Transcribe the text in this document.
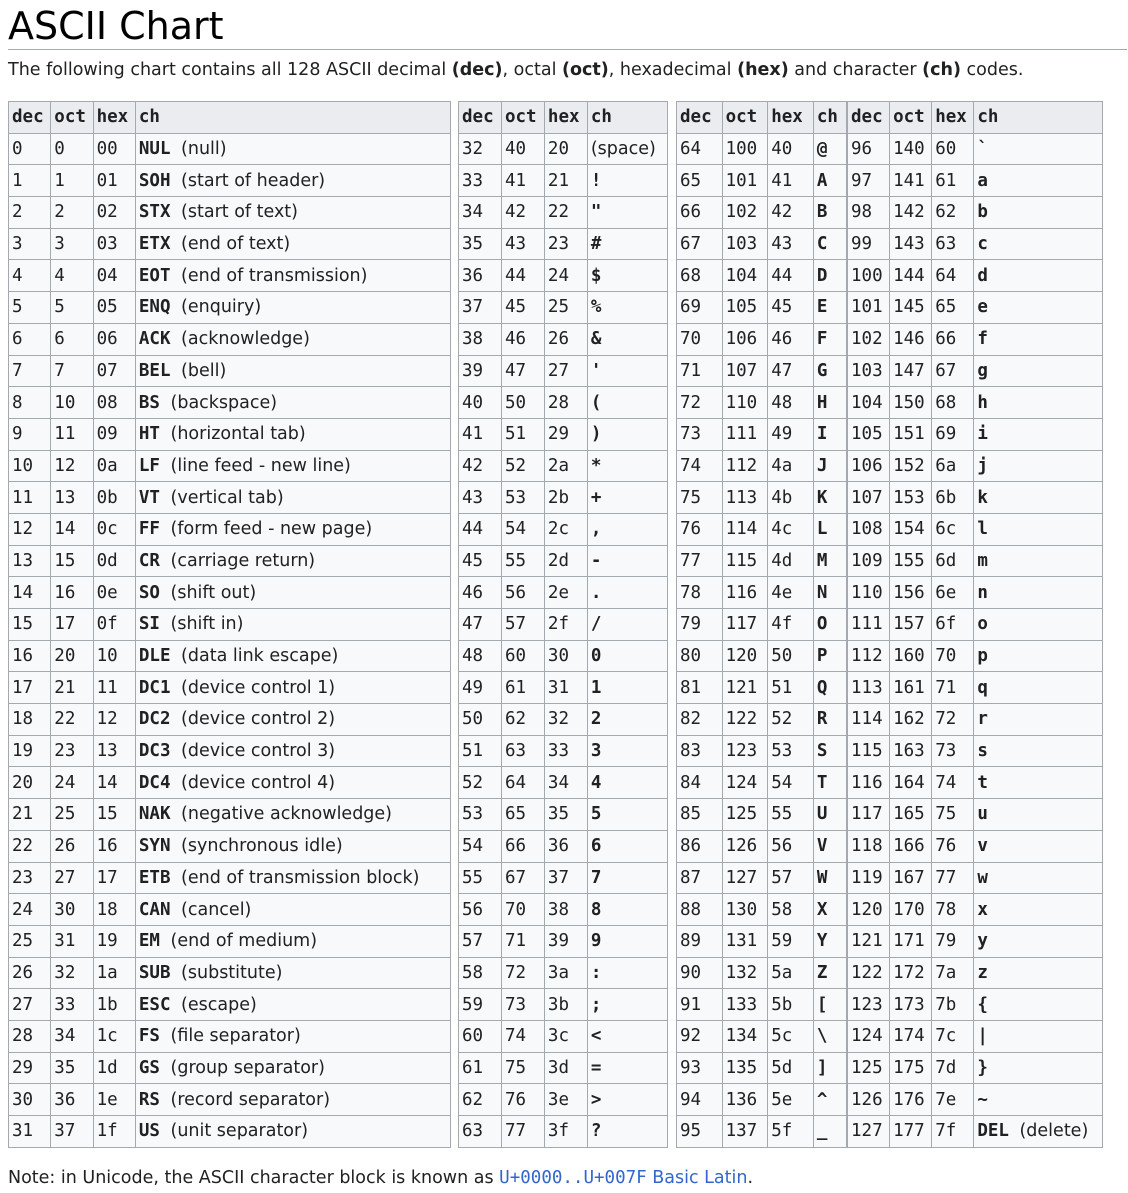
ASCII Chart
The following chart contains all 128 ASCII decimal (dec), octal (oct), hexadecimal (hex) and character (ch) codes.
dec	oct	hex	ch
0	0	00	NUL (null)
1	1	01	SOH (start of header)
2	2	02	STX (start of text)
3	3	03	ETX (end of text)
4	4	04	EOT (end of transmission)
5	5	05	ENQ (enquiry)
6	6	06	ACK (acknowledge)
7	7	07	BEL (bell)
8	10	08	BS (backspace)
9	11	09	HT (horizontal tab)
10	12	0a	LF (line feed - new line)
11	13	0b	VT (vertical tab)
12	14	0c	FF (form feed - new page)
13	15	0d	CR (carriage return)
14	16	0e	SO (shift out)
15	17	0f	SI (shift in)
16	20	10	DLE (data link escape)
17	21	11	DC1 (device control 1)
18	22	12	DC2 (device control 2)
19	23	13	DC3 (device control 3)
20	24	14	DC4 (device control 4)
21	25	15	NAK (negative acknowledge)
22	26	16	SYN (synchronous idle)
23	27	17	ETB (end of transmission block)
24	30	18	CAN (cancel)
25	31	19	EM (end of medium)
26	32	1a	SUB (substitute)
27	33	1b	ESC (escape)
28	34	1c	FS (file separator)
29	35	1d	GS (group separator)
30	36	1e	RS (record separator)
31	37	1f	US (unit separator)
dec	oct	hex	ch
32	40	20	(space)
33	41	21	!
34	42	22	"
35	43	23	#
36	44	24	$
37	45	25	%
38	46	26	&
39	47	27	'
40	50	28	(
41	51	29	)
42	52	2a	*
43	53	2b	+
44	54	2c	,
45	55	2d	-
46	56	2e	.
47	57	2f	/
48	60	30	0
49	61	31	1
50	62	32	2
51	63	33	3
52	64	34	4
53	65	35	5
54	66	36	6
55	67	37	7
56	70	38	8
57	71	39	9
58	72	3a	:
59	73	3b	;
60	74	3c	<
61	75	3d	=
62	76	3e	>
63	77	3f	?
dec	oct	hex	ch
64	100	40	@
65	101	41	A
66	102	42	B
67	103	43	C
68	104	44	D
69	105	45	E
70	106	46	F
71	107	47	G
72	110	48	H
73	111	49	I
74	112	4a	J
75	113	4b	K
76	114	4c	L
77	115	4d	M
78	116	4e	N
79	117	4f	O
80	120	50	P
81	121	51	Q
82	122	52	R
83	123	53	S
84	124	54	T
85	125	55	U
86	126	56	V
87	127	57	W
88	130	58	X
89	131	59	Y
90	132	5a	Z
91	133	5b	[
92	134	5c	\
93	135	5d	]
94	136	5e	^
95	137	5f	_
dec	oct	hex	ch
96	140	60	`
97	141	61	a
98	142	62	b
99	143	63	c
100	144	64	d
101	145	65	e
102	146	66	f
103	147	67	g
104	150	68	h
105	151	69	i
106	152	6a	j
107	153	6b	k
108	154	6c	l
109	155	6d	m
110	156	6e	n
111	157	6f	o
112	160	70	p
113	161	71	q
114	162	72	r
115	163	73	s
116	164	74	t
117	165	75	u
118	166	76	v
119	167	77	w
120	170	78	x
121	171	79	y
122	172	7a	z
123	173	7b	{
124	174	7c	|
125	175	7d	}
126	176	7e	~
127	177	7f	DEL (delete)
Note: in Unicode, the ASCII character block is known as U+0000..U+007F Basic Latin.
